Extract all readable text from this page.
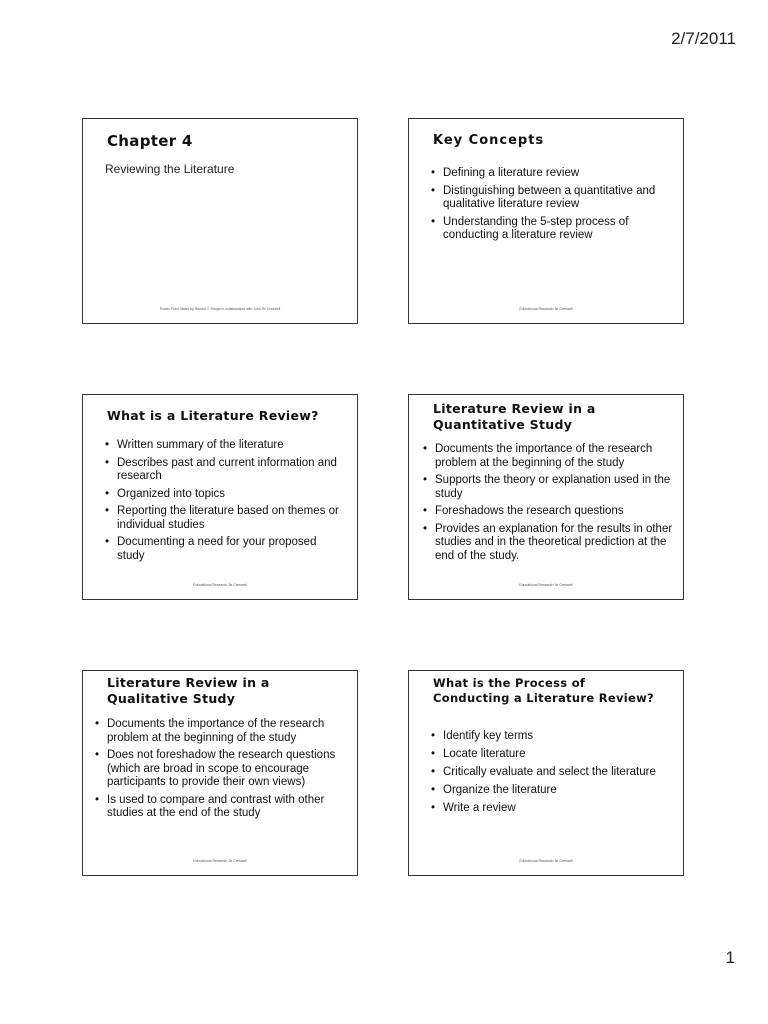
2/7/2011
Chapter 4
Reviewing the Literature
Power Point Slides by Ronald J. Shope in collaboration with John W. Creswell
Key Concepts
• Defining a literature review
• Distinguishing between a quantitative and qualitative literature review
• Understanding the 5-step process of conducting a literature review
Educational Research 3e Creswell
What is a Literature Review?
• Written summary of the literature
• Describes past and current information and research
• Organized into topics
• Reporting the literature based on themes or individual studies
• Documenting a need for your proposed study
Educational Research 3e Creswell
Literature Review in a Quantitative Study
• Documents the importance of the research problem at the beginning of the study
• Supports the theory or explanation used in the study
• Foreshadows the research questions
• Provides an explanation for the results in other studies and in the theoretical prediction at the end of the study.
Educational Research 3e Creswell
Literature Review in a Qualitative Study
• Documents the importance of the research problem at the beginning of the study
• Does not foreshadow the research questions (which are broad in scope to encourage participants to provide their own views)
• Is used to compare and contrast with other studies at the end of the study
Educational Research 3e Creswell
What is the Process of Conducting a Literature Review?
• Identify key terms
• Locate literature
• Critically evaluate and select the literature
• Organize the literature
• Write a review
Educational Research 3e Creswell
1
